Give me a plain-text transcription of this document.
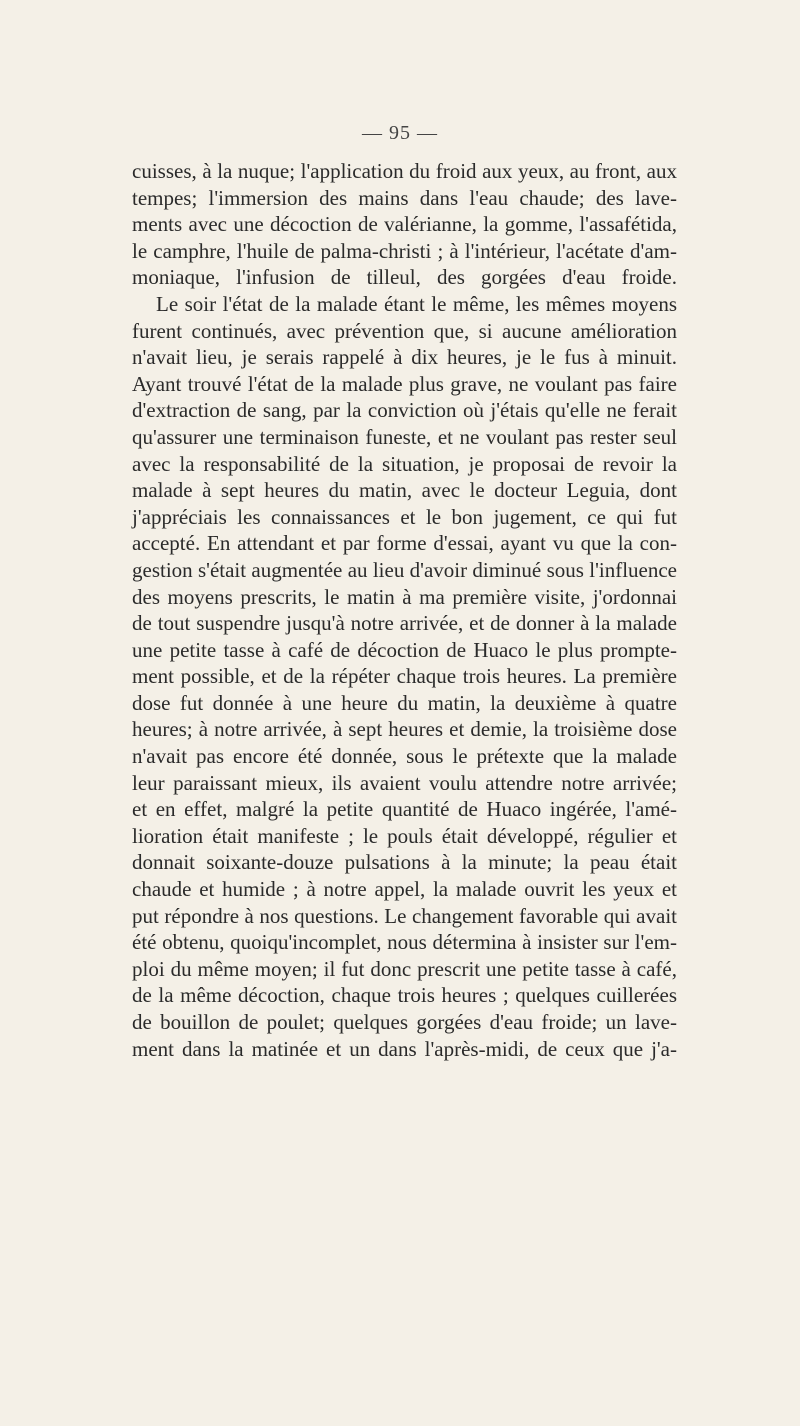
— 95 —
cuisses, à la nuque; l'application du froid aux yeux, au front, aux
tempes; l'immersion des mains dans l'eau chaude; des lave-
ments avec une décoction de valérianne, la gomme, l'assafétida,
le camphre, l'huile de palma-christi ; à l'intérieur, l'acétate d'am-
moniaque, l'infusion de tilleul, des gorgées d'eau froide.
Le soir l'état de la malade étant le même, les mêmes moyens
furent continués, avec prévention que, si aucune amélioration
n'avait lieu, je serais rappelé à dix heures, je le fus à minuit.
Ayant trouvé l'état de la malade plus grave, ne voulant pas faire
d'extraction de sang, par la conviction où j'étais qu'elle ne ferait
qu'assurer une terminaison funeste, et ne voulant pas rester seul
avec la responsabilité de la situation, je proposai de revoir la
malade à sept heures du matin, avec le docteur Leguia, dont
j'appréciais les connaissances et le bon jugement, ce qui fut
accepté. En attendant et par forme d'essai, ayant vu que la con-
gestion s'était augmentée au lieu d'avoir diminué sous l'influence
des moyens prescrits, le matin à ma première visite, j'ordonnai
de tout suspendre jusqu'à notre arrivée, et de donner à la malade
une petite tasse à café de décoction de Huaco le plus prompte-
ment possible, et de la répéter chaque trois heures. La première
dose fut donnée à une heure du matin, la deuxième à quatre
heures; à notre arrivée, à sept heures et demie, la troisième dose
n'avait pas encore été donnée, sous le prétexte que la malade
leur paraissant mieux, ils avaient voulu attendre notre arrivée;
et en effet, malgré la petite quantité de Huaco ingérée, l'amé-
lioration était manifeste ; le pouls était développé, régulier et
donnait soixante-douze pulsations à la minute; la peau était
chaude et humide ; à notre appel, la malade ouvrit les yeux et
put répondre à nos questions. Le changement favorable qui avait
été obtenu, quoiqu'incomplet, nous détermina à insister sur l'em-
ploi du même moyen; il fut donc prescrit une petite tasse à café,
de la même décoction, chaque trois heures ; quelques cuillerées
de bouillon de poulet; quelques gorgées d'eau froide; un lave-
ment dans la matinée et un dans l'après-midi, de ceux que j'a-
